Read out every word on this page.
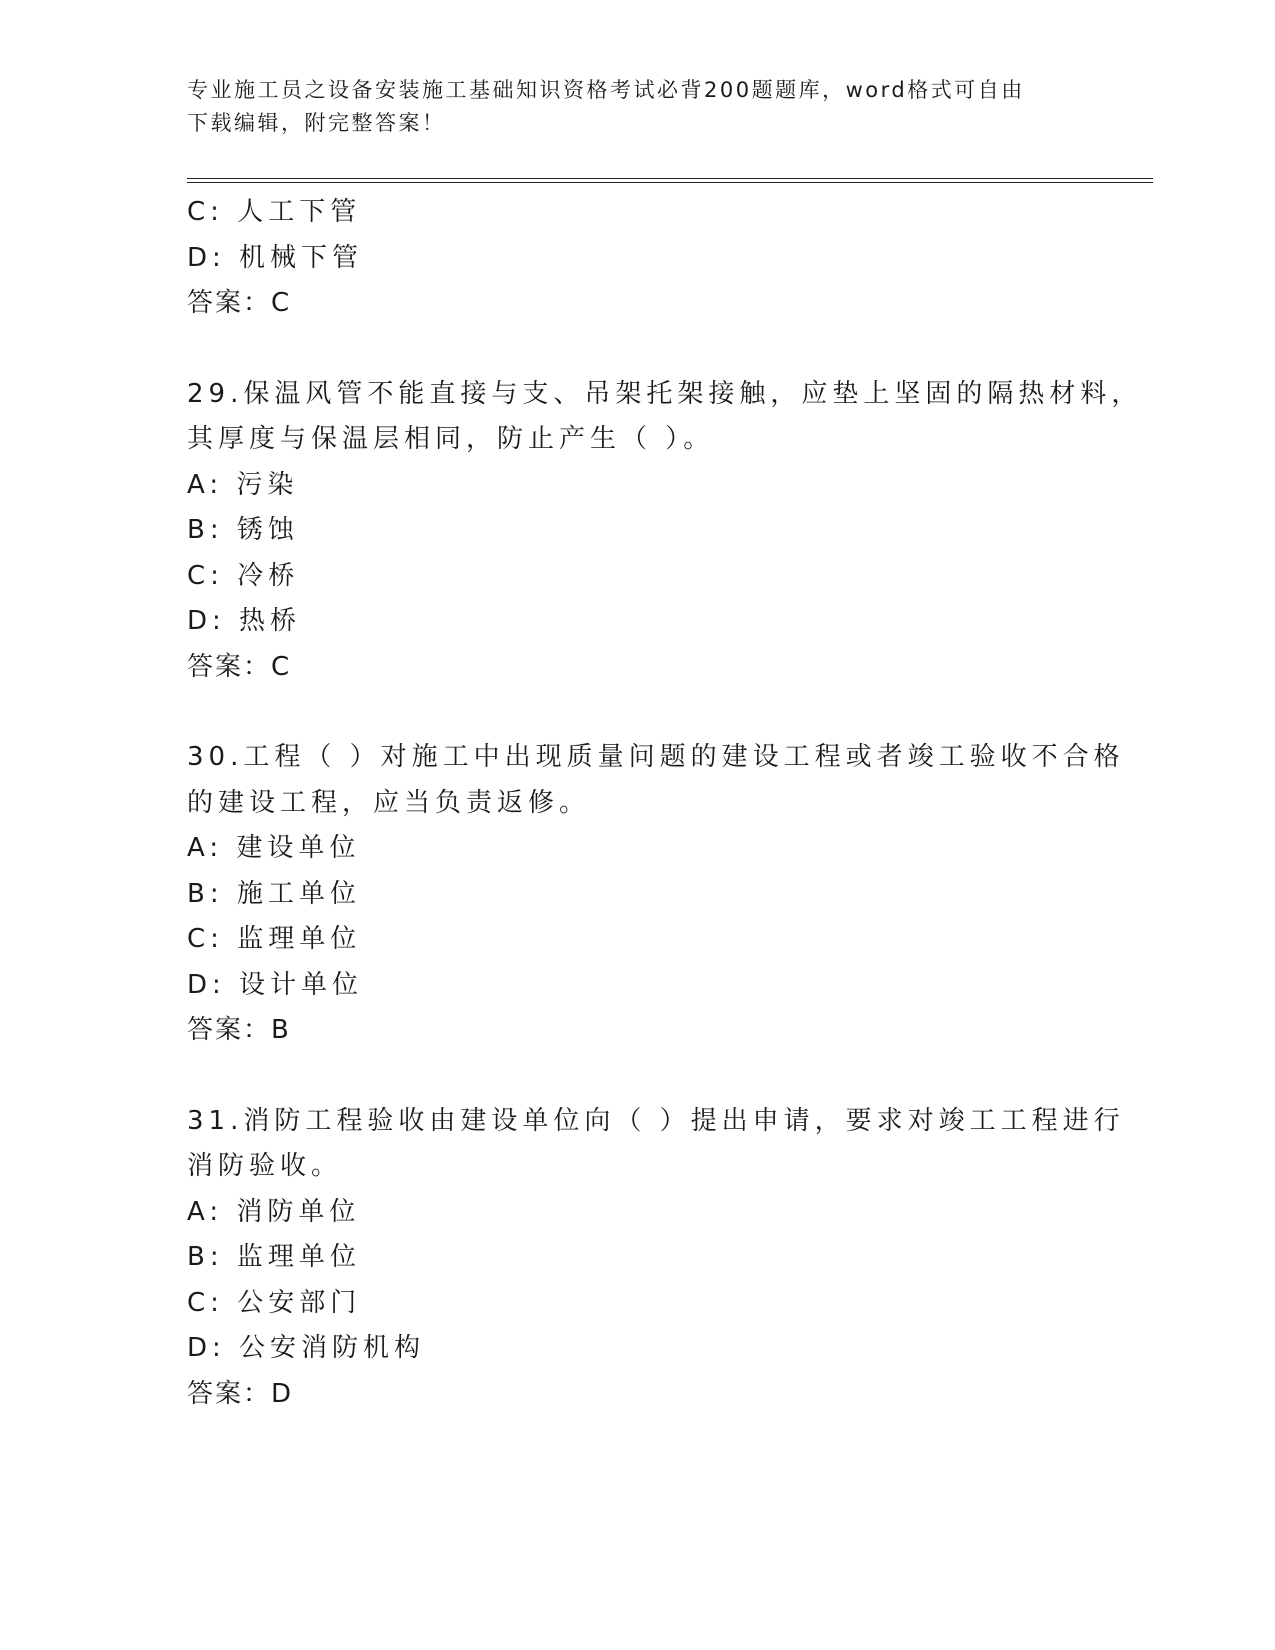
专业施工员之设备安装施工基础知识资格考试必背200题题库，word格式可自由
下载编辑，附完整答案！
C: 人工下管
D: 机械下管
答案：C
29.保温风管不能直接与支、吊架托架接触，应垫上坚固的隔热材料，
其厚度与保温层相同，防止产生（ ）。
A: 污染
B: 锈蚀
C: 冷桥
D: 热桥
答案：C
30.工程（ ）对施工中出现质量问题的建设工程或者竣工验收不合格
的建设工程，应当负责返修。
A: 建设单位
B: 施工单位
C: 监理单位
D: 设计单位
答案：B
31.消防工程验收由建设单位向（ ）提出申请，要求对竣工工程进行
消防验收。
A: 消防单位
B: 监理单位
C: 公安部门
D: 公安消防机构
答案：D
